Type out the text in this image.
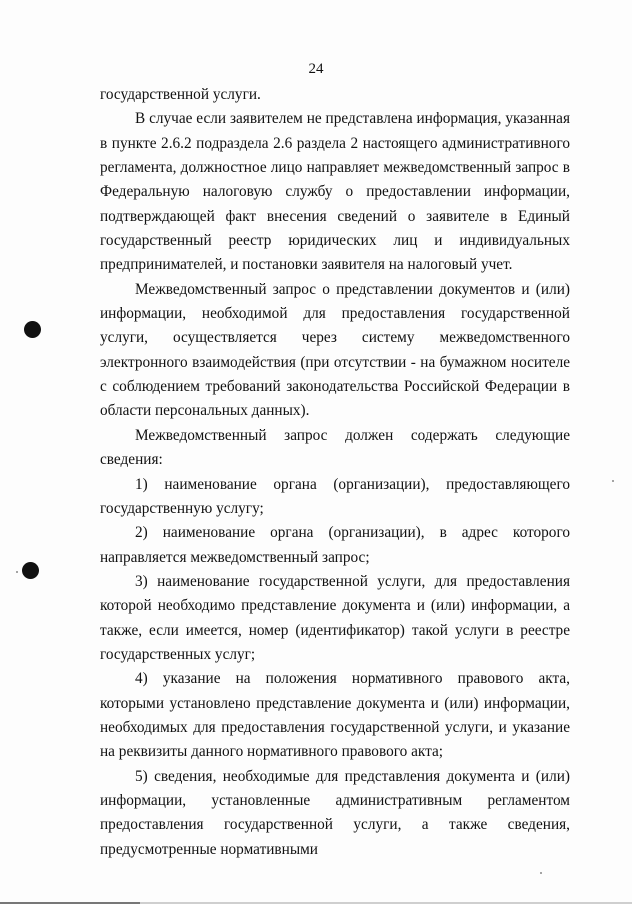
24

государственной услуги.

В случае если заявителем не представлена информация, указанная в пункте 2.6.2 подраздела 2.6 раздела 2 настоящего административного регламента, должностное лицо направляет межведомственный запрос в Федеральную налоговую службу о предоставлении информации, подтверждающей факт внесения сведений о заявителе в Единый государственный реестр юридических лиц и индивидуальных предпринимателей, и постановки заявителя на налоговый учет.

Межведомственный запрос о представлении документов и (или) информации, необходимой для предоставления государственной услуги, осуществляется через систему межведомственного электронного взаимодействия (при отсутствии - на бумажном носителе с соблюдением требований законодательства Российской Федерации в области персональных данных).

Межведомственный запрос должен содержать следующие сведения:

1) наименование органа (организации), предоставляющего государственную услугу;

2) наименование органа (организации), в адрес которого направляется межведомственный запрос;

3) наименование государственной услуги, для предоставления которой необходимо представление документа и (или) информации, а также, если имеется, номер (идентификатор) такой услуги в реестре государственных услуг;

4) указание на положения нормативного правового акта, которыми установлено представление документа и (или) информации, необходимых для предоставления государственной услуги, и указание на реквизиты данного нормативного правового акта;

5) сведения, необходимые для представления документа и (или) информации, установленные административным регламентом предоставления государственной услуги, а также сведения, предусмотренные нормативными
